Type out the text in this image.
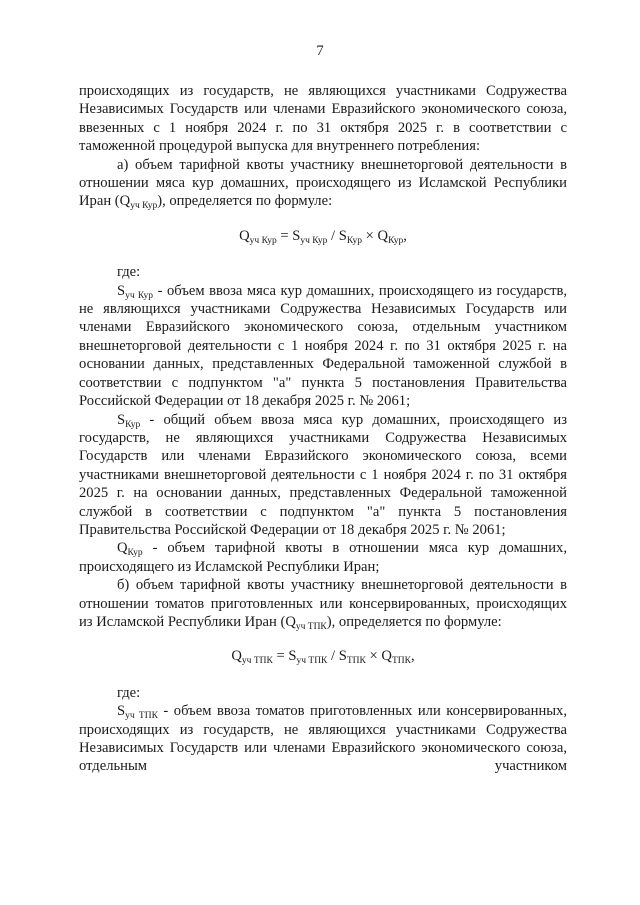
7

происходящих из государств, не являющихся участниками Содружества Независимых Государств или членами Евразийского экономического союза, ввезенных с 1 ноября 2024 г. по 31 октября 2025 г. в соответствии с таможенной процедурой выпуска для внутреннего потребления:

а) объем тарифной квоты участнику внешнеторговой деятельности в отношении мяса кур домашних, происходящего из Исламской Республики Иран $(Q_{уч Кур})$, определяется по формуле:

$Q_{уч Кур} = S_{уч Кур} / S_{Кур} \times Q_{Кур}$,

где:

$S_{уч Кур}$ - объем ввоза мяса кур домашних, происходящего из государств, не являющихся участниками Содружества Независимых Государств или членами Евразийского экономического союза, отдельным участником внешнеторговой деятельности с 1 ноября 2024 г. по 31 октября 2025 г. на основании данных, представленных Федеральной таможенной службой в соответствии с подпунктом "а" пункта 5 постановления Правительства Российской Федерации от 18 декабря 2025 г. № 2061;

$S_{Кур}$ - общий объем ввоза мяса кур домашних, происходящего из государств, не являющихся участниками Содружества Независимых Государств или членами Евразийского экономического союза, всеми участниками внешнеторговой деятельности с 1 ноября 2024 г. по 31 октября 2025 г. на основании данных, представленных Федеральной таможенной службой в соответствии с подпунктом "а" пункта 5 постановления Правительства Российской Федерации от 18 декабря 2025 г. № 2061;

$Q_{Кур}$ - объем тарифной квоты в отношении мяса кур домашних, происходящего из Исламской Республики Иран;

б) объем тарифной квоты участнику внешнеторговой деятельности в отношении томатов приготовленных или консервированных, происходящих из Исламской Республики Иран $(Q_{уч ТПК})$, определяется по формуле:

$Q_{уч ТПК} = S_{уч ТПК} / S_{ТПК} \times Q_{ТПК}$,

где:

$S_{уч ТПК}$ - объем ввоза томатов приготовленных или консервированных, происходящих из государств, не являющихся участниками Содружества Независимых Государств или членами Евразийского экономического союза, отдельным участником
